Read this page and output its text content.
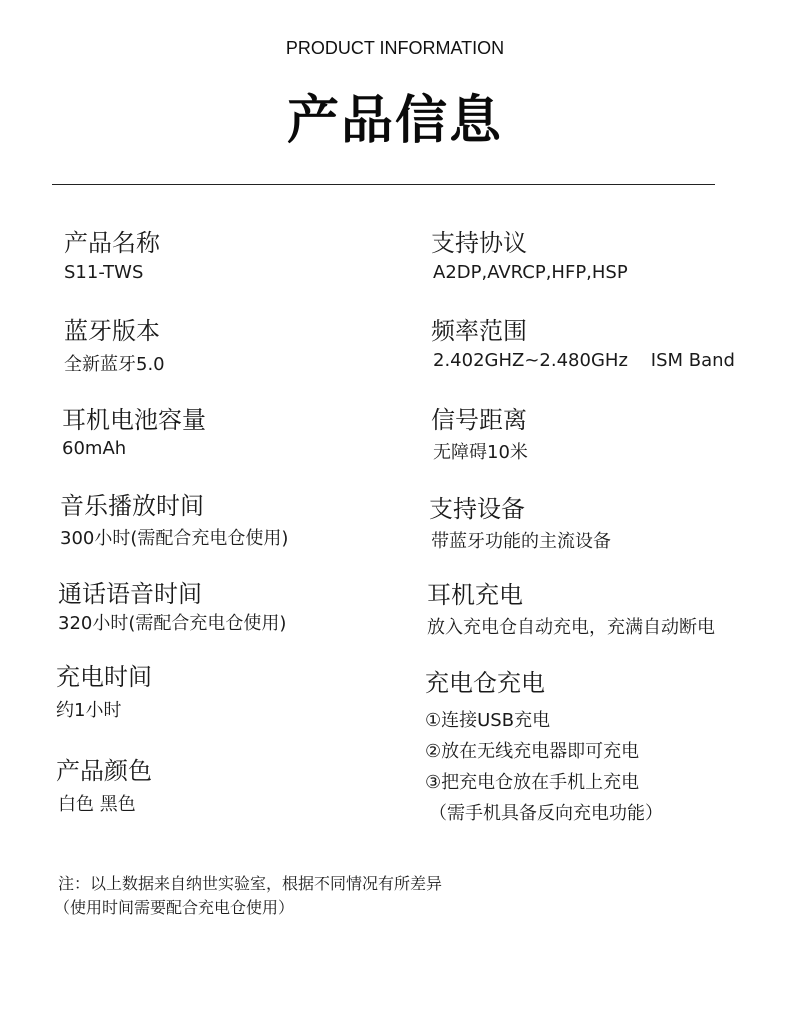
PRODUCT INFORMATION
产品信息
产品名称
S11-TWS
蓝牙版本
全新蓝牙5.0
耳机电池容量
60mAh
音乐播放时间
300小时(需配合充电仓使用)
通话语音时间
320小时(需配合充电仓使用)
充电时间
约1小时
产品颜色
白色 黑色
支持协议
A2DP,AVRCP,HFP,HSP
频率范围
2.402GHZ~2.480GHz    ISM Band
信号距离
无障碍10米
支持设备
带蓝牙功能的主流设备
耳机充电
放入充电仓自动充电，充满自动断电
充电仓充电
①连接USB充电
②放在无线充电器即可充电
③把充电仓放在手机上充电
（需手机具备反向充电功能）
注：以上数据来自纳世实验室，根据不同情况有所差异
（使用时间需要配合充电仓使用）
